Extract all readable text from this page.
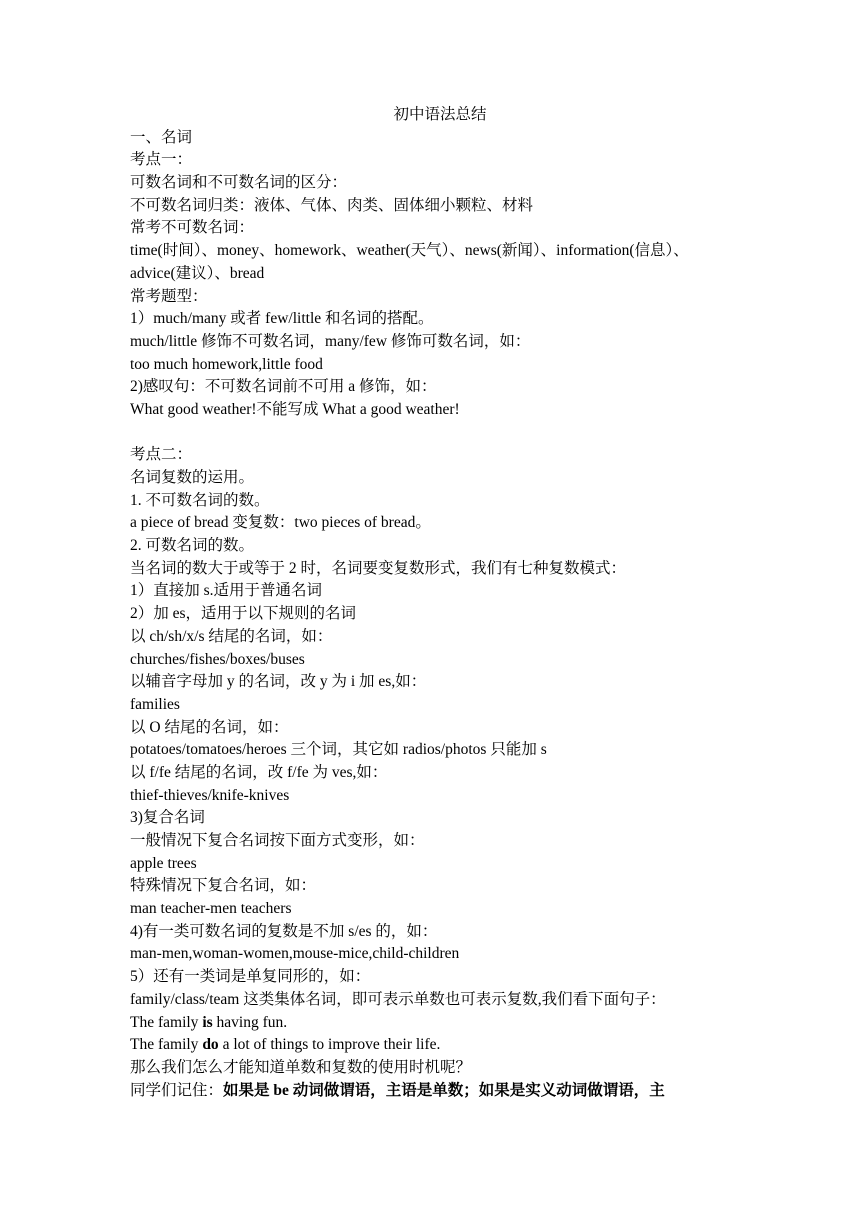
初中语法总结
一、名词
考点一：
可数名词和不可数名词的区分：
不可数名词归类：液体、气体、肉类、固体细小颗粒、材料
常考不可数名词：
time(时间）、money、homework、weather(天气）、news(新闻）、information(信息）、
advice(建议）、bread
常考题型：
1）much/many 或者 few/little 和名词的搭配。
much/little 修饰不可数名词，many/few 修饰可数名词，如：
too much homework,little food
2)感叹句：不可数名词前不可用 a 修饰，如：
What good weather!不能写成 What a good weather!
考点二：
名词复数的运用。
1. 不可数名词的数。
a piece of bread 变复数：two pieces of bread。
2. 可数名词的数。
当名词的数大于或等于 2 时，名词要变复数形式，我们有七种复数模式：
1）直接加 s.适用于普通名词
2）加 es，适用于以下规则的名词
以 ch/sh/x/s 结尾的名词，如：
churches/fishes/boxes/buses
以辅音字母加 y 的名词，改 y 为 i 加 es,如：
families
以 O 结尾的名词，如：
potatoes/tomatoes/heroes 三个词，其它如 radios/photos 只能加 s
以 f/fe 结尾的名词，改 f/fe 为 ves,如：
thief-thieves/knife-knives
3)复合名词
一般情况下复合名词按下面方式变形，如：
apple trees
特殊情况下复合名词，如：
man teacher-men teachers
4)有一类可数名词的复数是不加 s/es 的，如：
man-men,woman-women,mouse-mice,child-children
5）还有一类词是单复同形的，如：
family/class/team 这类集体名词，即可表示单数也可表示复数,我们看下面句子：
The family is having fun.
The family do a lot of things to improve their life.
那么我们怎么才能知道单数和复数的使用时机呢？
同学们记住：如果是 be 动词做谓语，主语是单数；如果是实义动词做谓语，主
